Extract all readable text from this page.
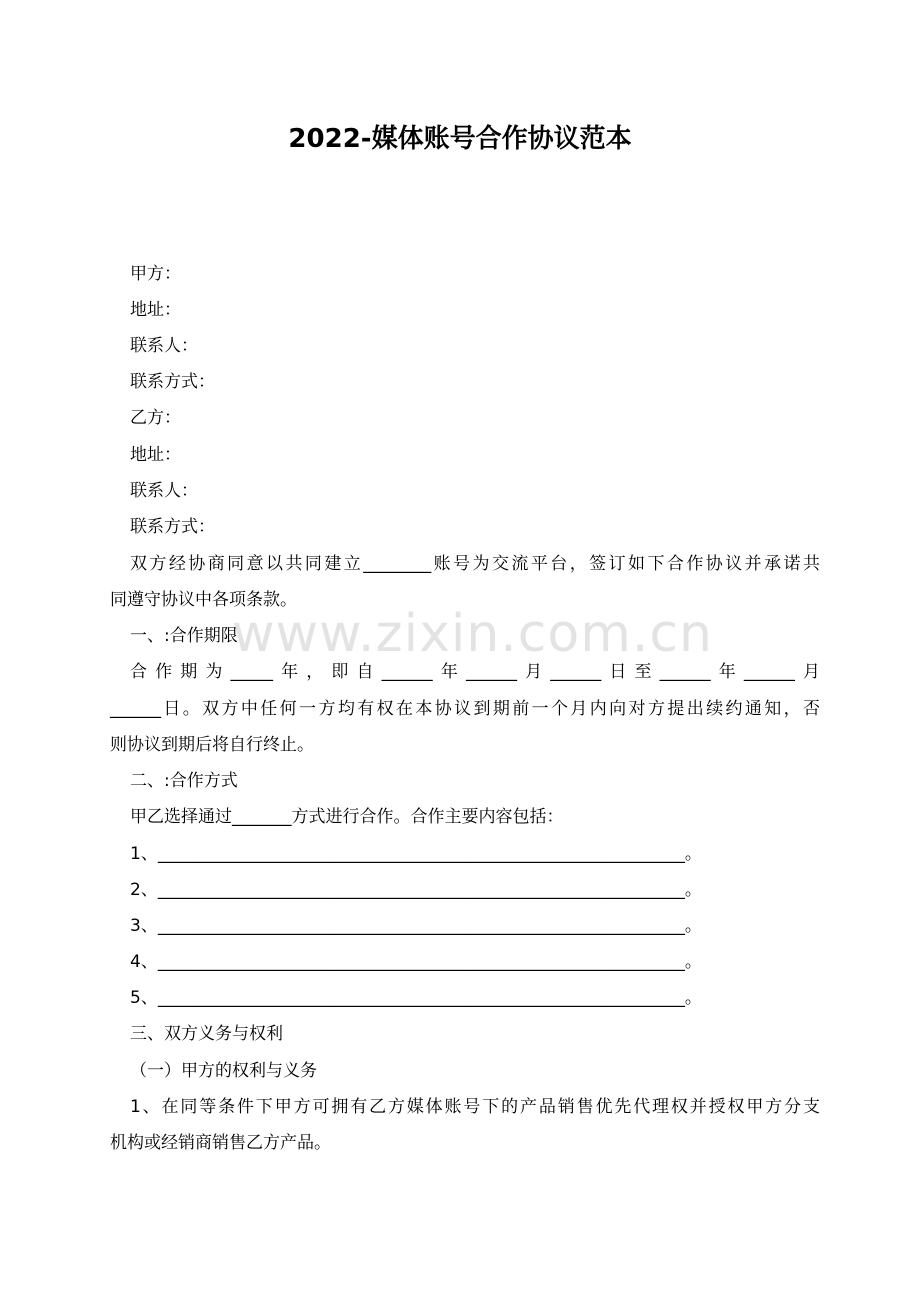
2022-媒体账号合作协议范本
www.zixin.com.cn
甲方：
地址：
联系人：
联系方式：
乙方：
地址：
联系人：
联系方式：
双方经协商同意以共同建立________账号为交流平台，签订如下合作协议并承诺共
同遵守协议中各项条款。
一、:合作期限
合作期为_____年，即自______年______月______日至______年______月
______日。双方中任何一方均有权在本协议到期前一个月内向对方提出续约通知，否
则协议到期后将自行终止。
二、:合作方式
甲乙选择通过_______方式进行合作。合作主要内容包括：
1、______________________________________________________________。
2、______________________________________________________________。
3、______________________________________________________________。
4、______________________________________________________________。
5、______________________________________________________________。
三、双方义务与权利
（一）甲方的权利与义务
1、在同等条件下甲方可拥有乙方媒体账号下的产品销售优先代理权并授权甲方分支
机构或经销商销售乙方产品。
